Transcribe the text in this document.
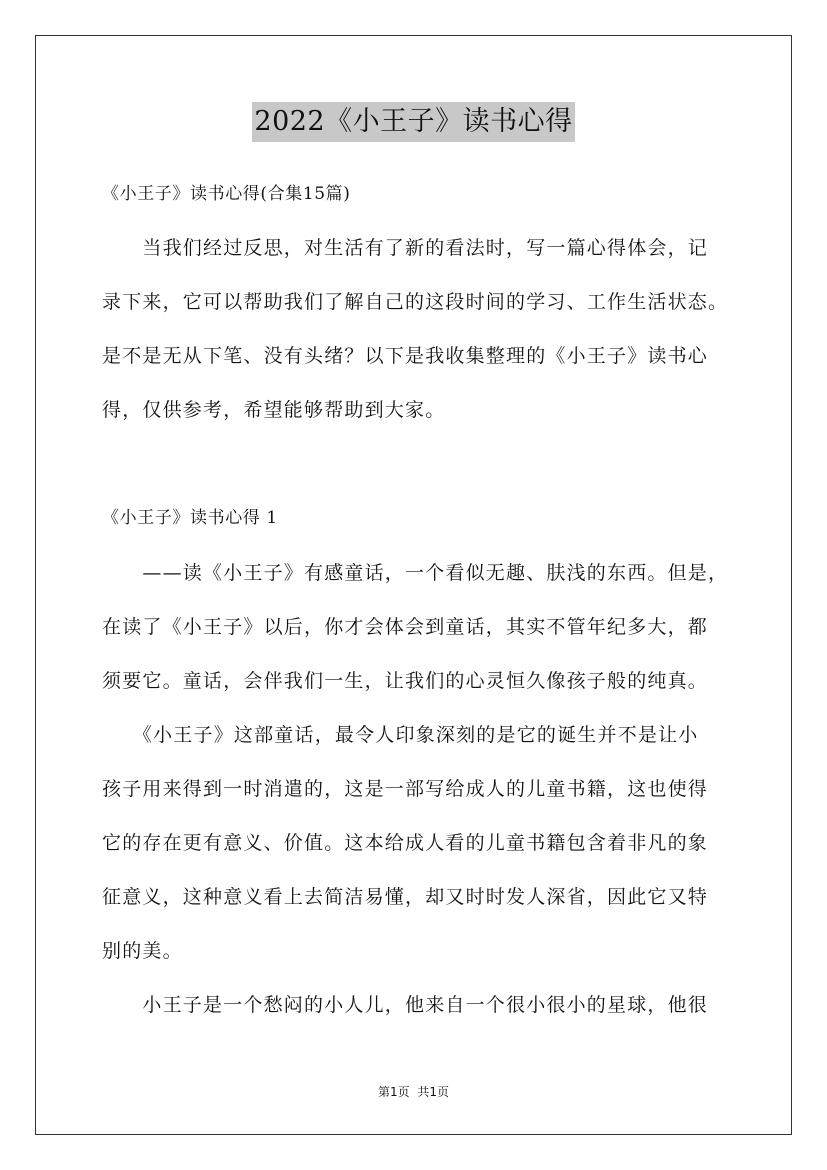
2022《小王子》读书心得
《小王子》读书心得(合集15篇)
　　当我们经过反思，对生活有了新的看法时，写一篇心得体会，记
录下来，它可以帮助我们了解自己的这段时间的学习、工作生活状态。
是不是无从下笔、没有头绪？以下是我收集整理的《小王子》读书心
得，仅供参考，希望能够帮助到大家。
《小王子》读书心得 1
　　——读《小王子》有感童话，一个看似无趣、肤浅的东西。但是，
在读了《小王子》以后，你才会体会到童话，其实不管年纪多大，都
须要它。童话，会伴我们一生，让我们的心灵恒久像孩子般的纯真。
　　《小王子》这部童话，最令人印象深刻的是它的诞生并不是让小
孩子用来得到一时消遣的，这是一部写给成人的儿童书籍，这也使得
它的存在更有意义、价值。这本给成人看的儿童书籍包含着非凡的象
征意义，这种意义看上去简洁易懂，却又时时发人深省，因此它又特
别的美。
　　小王子是一个愁闷的小人儿，他来自一个很小很小的星球，他很
第1页 共1页
